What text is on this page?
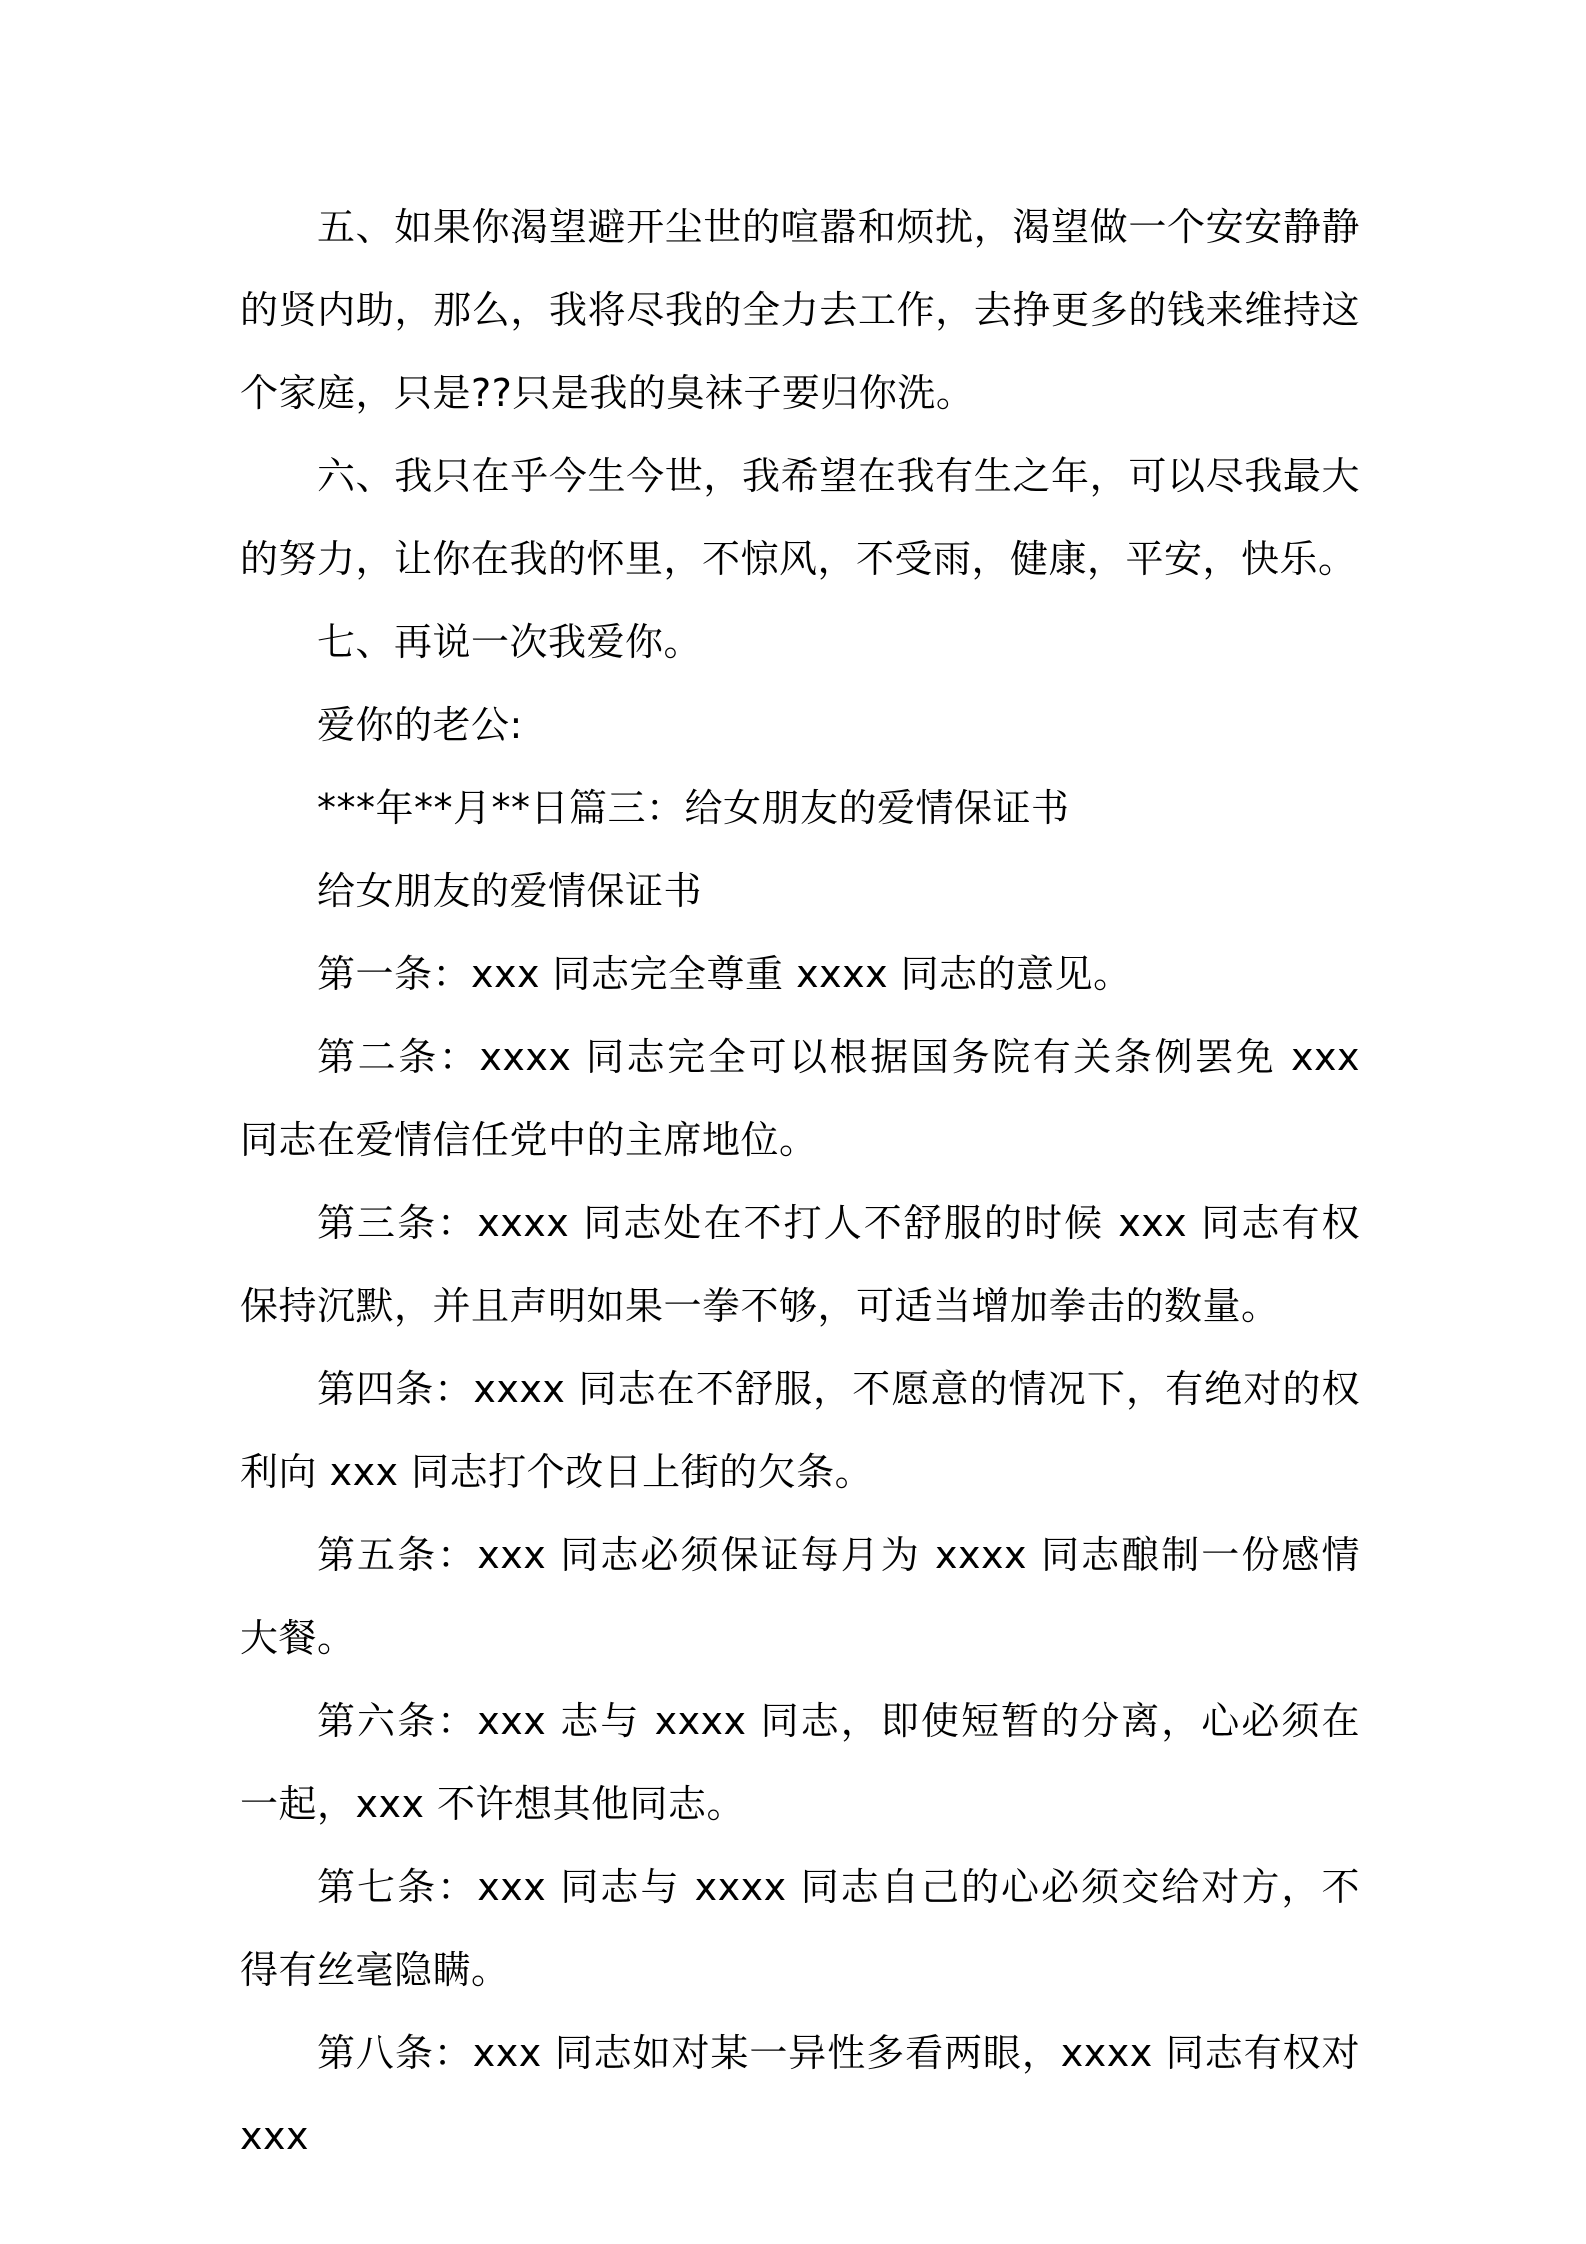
五、如果你渴望避开尘世的喧嚣和烦扰，渴望做一个安安静静的贤内助，那么，我将尽我的全力去工作，去挣更多的钱来维持这个家庭，只是??只是我的臭袜子要归你洗。

六、我只在乎今生今世，我希望在我有生之年，可以尽我最大的努力，让你在我的怀里，不惊风，不受雨，健康，平安，快乐。

七、再说一次我爱你。

爱你的老公:

***年**月**日篇三：给女朋友的爱情保证书

给女朋友的爱情保证书

第一条：xxx 同志完全尊重 xxxx 同志的意见。

第二条：xxxx 同志完全可以根据国务院有关条例罢免 xxx 同志在爱情信任党中的主席地位。

第三条：xxxx 同志处在不打人不舒服的时候 xxx 同志有权保持沉默，并且声明如果一拳不够，可适当增加拳击的数量。

第四条：xxxx 同志在不舒服，不愿意的情况下，有绝对的权利向 xxx 同志打个改日上街的欠条。

第五条：xxx 同志必须保证每月为 xxxx 同志酿制一份感情大餐。

第六条：xxx 志与 xxxx 同志，即使短暂的分离，心必须在一起，xxx 不许想其他同志。

第七条：xxx 同志与 xxxx 同志自己的心必须交给对方，不得有丝毫隐瞒。

第八条：xxx 同志如对某一异性多看两眼，xxxx 同志有权对 xxx
